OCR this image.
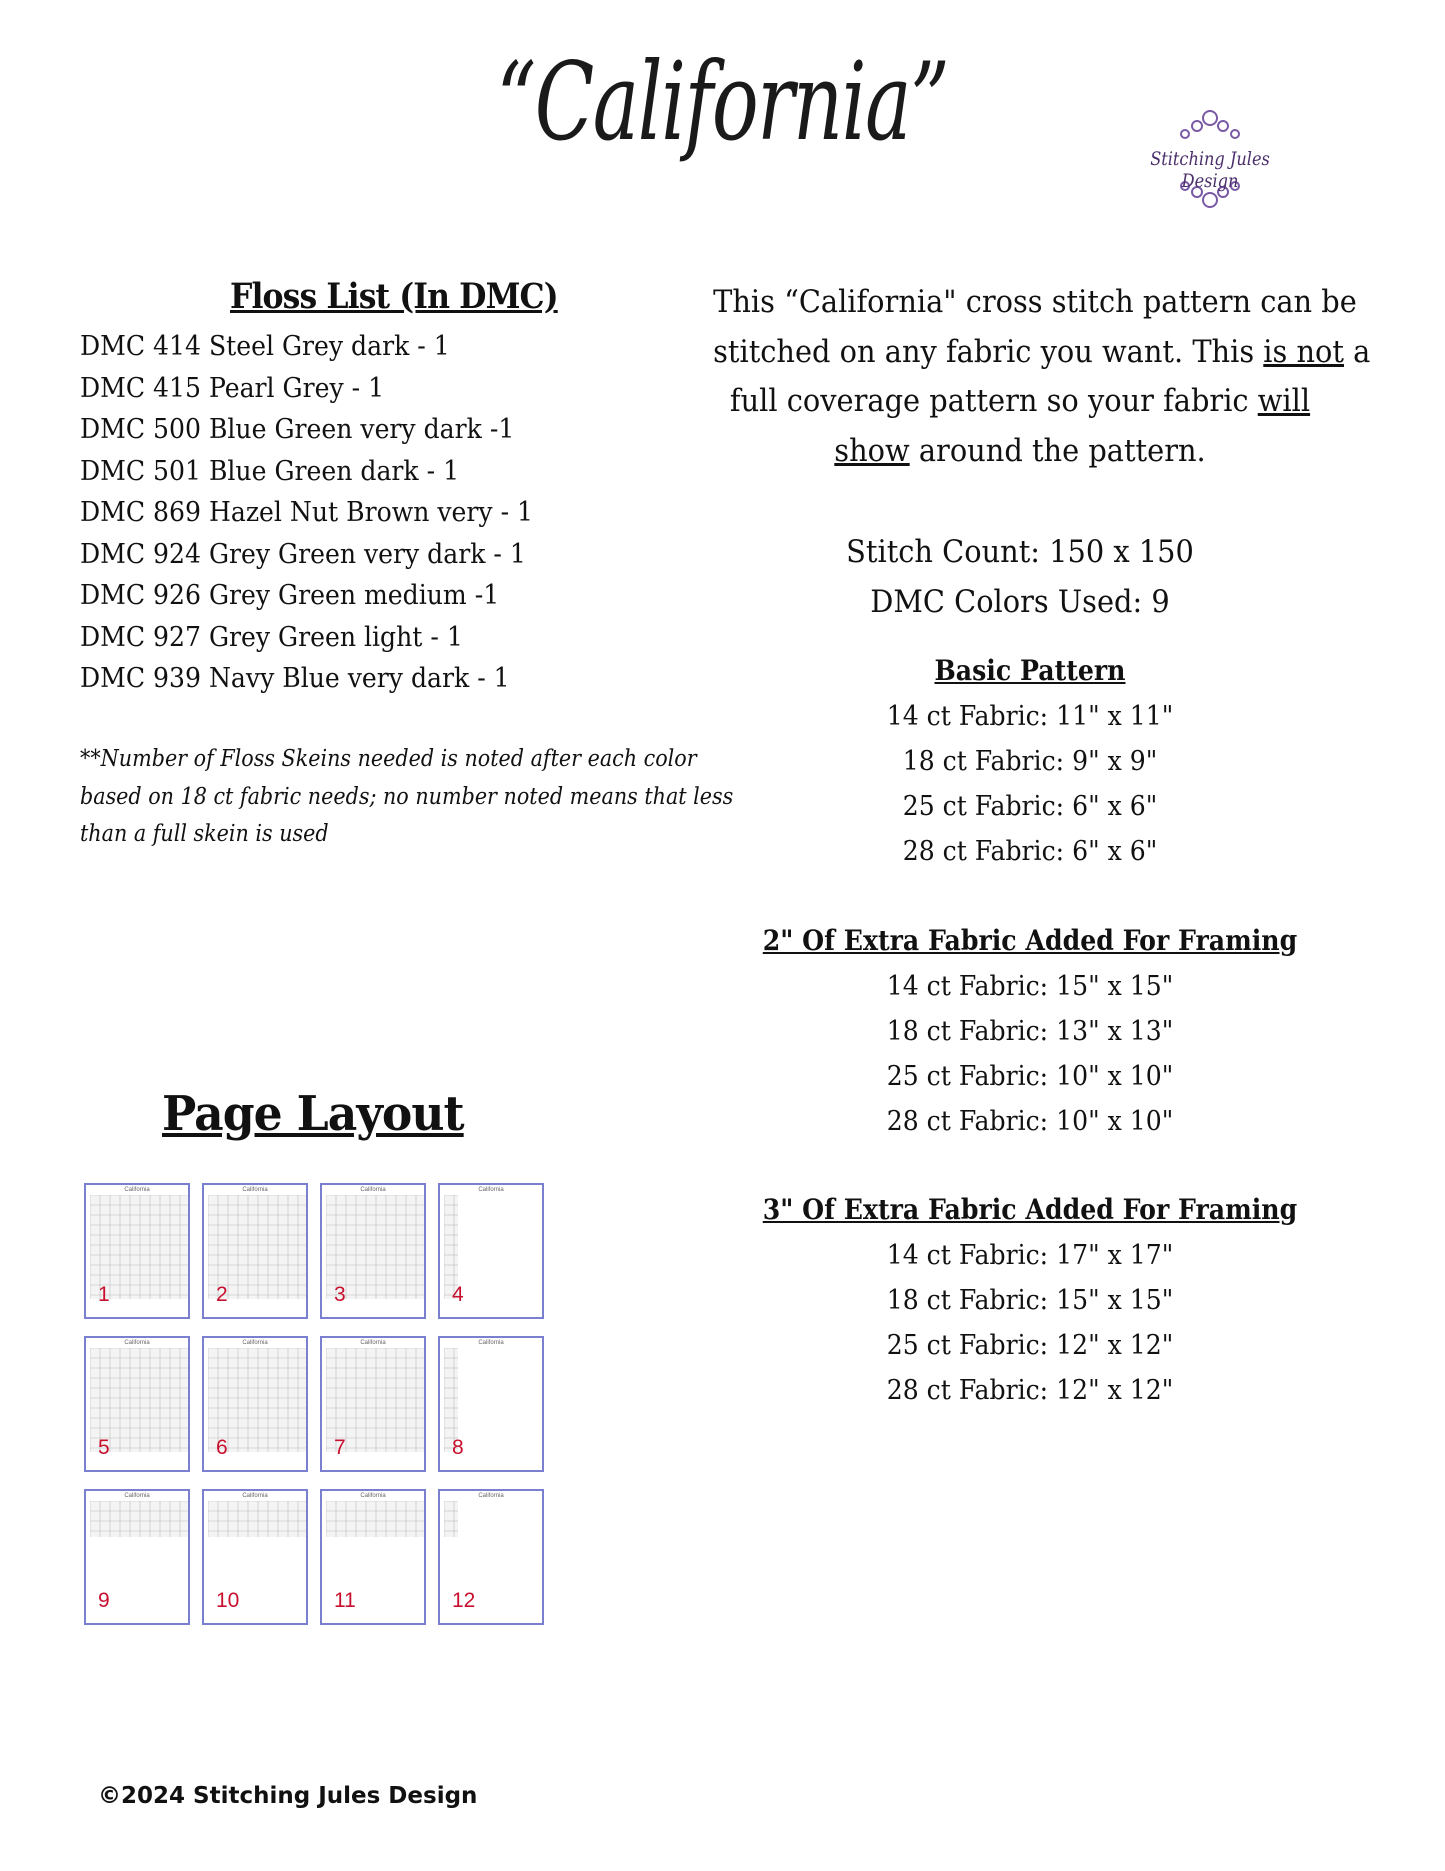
“California”	Stitching Jules Design
Floss List (In DMC)
DMC 414 Steel Grey dark - 1
DMC 415 Pearl Grey - 1
DMC 500 Blue Green very dark -1
DMC 501 Blue Green dark - 1
DMC 869 Hazel Nut Brown very - 1
DMC 924 Grey Green very dark - 1
DMC 926 Grey Green medium -1
DMC 927 Grey Green light - 1
DMC 939 Navy Blue very dark - 1

**Number of Floss Skeins needed is noted after each color

based on 18 ct fabric needs; no number noted means that less

than a full skein is used

This “California" cross stitch pattern can be

stitched on any fabric you want. This is not a

full coverage pattern so your fabric will

show around the pattern.

Stitch Count: 150 x 150
DMC Colors Used: 9
Basic Pattern
14 ct Fabric: 11" x 11"
18 ct Fabric: 9" x 9"
25 ct Fabric: 6" x 6"
28 ct Fabric: 6" x 6"
2" Of Extra Fabric Added For Framing
14 ct Fabric: 15" x 15"
18 ct Fabric: 13" x 13"
25 ct Fabric: 10" x 10"
28 ct Fabric: 10" x 10"
3" Of Extra Fabric Added For Framing
14 ct Fabric: 17" x 17"
18 ct Fabric: 15" x 15"
25 ct Fabric: 12" x 12"
28 ct Fabric: 12" x 12"
Page Layout
California
1
California
2
California
3
California
4
California
5
California
6
California
7
California
8
California
9
California
10
California
11
California
12
©2024 Stitching Jules Design
